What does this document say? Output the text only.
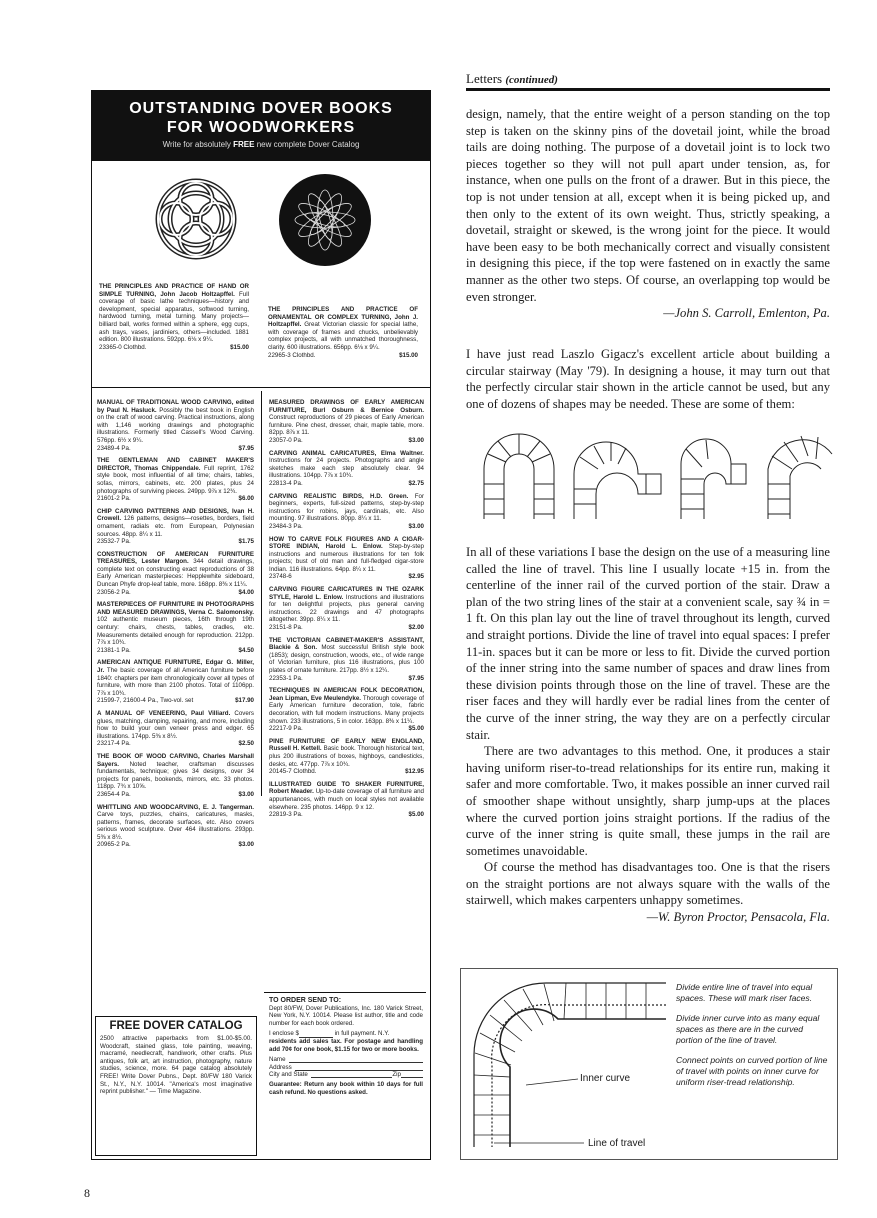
OUTSTANDING DOVER BOOKS
FOR WOODWORKERS
Write for absolutely FREE new complete Dover Catalog
THE PRINCIPLES AND PRACTICE OF HAND OR SIMPLE TURNING, John Jacob Holtzapffel. Full coverage of basic lathe techniques—history and development, special apparatus, softwood turning, hardwood turning, metal turning. Many projects—billiard ball, works formed within a sphere, egg cups, ash trays, vases, jardiniers, others—included. 1881 edition. 800 illustrations. 592pp. 6⅛ x 9¼.
23365-0 Clothbd.	$15.00
THE PRINCIPLES AND PRACTICE OF ORNAMENTAL OR COMPLEX TURNING, John J. Holtzapffel. Great Victorian classic for special lathe, with coverage of frames and chucks, unbelievably complex projects, all with unmatched thoroughness, clarity. 600 illustrations. 656pp. 6⅛ x 9¼.
22965-3 Clothbd.	$15.00
MANUAL OF TRADITIONAL WOOD CARVING, edited by Paul N. Hasluck. Possibly the best book in English on the craft of wood carving. Practical instructions, along with 1,146 working drawings and photographic illustrations. Formerly titled Cassell's Wood Carving. 576pp. 6½ x 9¼.
23489-4 Pa.	$7.95
THE GENTLEMAN AND CABINET MAKER'S DIRECTOR, Thomas Chippendale. Full reprint, 1762 style book, most influential of all time; chairs, tables, sofas, mirrors, cabinets, etc. 200 plates, plus 24 photographs of surviving pieces. 249pp. 9⅞ x 12¾.
21601-2 Pa.	$6.00
CHIP CARVING PATTERNS AND DESIGNS, Ivan H. Crowell. 126 patterns, designs—rosettes, borders, field ornament, radials etc. from European, Polynesian sources. 48pp. 8¼ x 11.
23532-7 Pa.	$1.75
CONSTRUCTION OF AMERICAN FURNITURE TREASURES, Lester Margon. 344 detail drawings, complete text on constructing exact reproductions of 38 Early American masterpieces: Hepplewhite sideboard, Duncan Phyfe drop-leaf table, more. 168pp. 8⅜ x 11¼.
23056-2 Pa.	$4.00
MASTERPIECES OF FURNITURE IN PHOTOGRAPHS AND MEASURED DRAWINGS, Verna C. Salomonsky. 102 authentic museum pieces, 16th through 19th century: chairs, chests, tables, cradles, etc. Measurements detailed enough for reproduction. 212pp. 7⅞ x 10¾.
21381-1 Pa.	$4.50
AMERICAN ANTIQUE FURNITURE, Edgar G. Miller, Jr. The basic coverage of all American furniture before 1840: chapters per item chronologically cover all types of furniture, with more than 2100 photos. Total of 1106pp. 7⅞ x 10¾.
21599-7, 21600-4 Pa., Two-vol. set	$17.90
A MANUAL OF VENEERING, Paul Villiard. Covers glues, matching, clamping, repairing, and more, including how to build your own veneer press and edger. 65 illustrations. 174pp. 5⅜ x 8½.
23217-4 Pa.	$2.50
THE BOOK OF WOOD CARVING, Charles Marshall Sayers. Noted teacher, craftsman discusses fundamentals, technique; gives 34 designs, over 34 projects for panels, bookends, mirrors, etc. 33 photos. 118pp. 7¾ x 10⅝.
23654-4 Pa.	$3.00
WHITTLING AND WOODCARVING, E. J. Tangerman. Carve toys, puzzles, chains, caricatures, masks, patterns, frames, decorate surfaces, etc. Also covers serious wood sculpture. Over 464 illustrations. 293pp. 5⅜ x 8½.
20965-2 Pa.	$3.00
MEASURED DRAWINGS OF EARLY AMERICAN FURNITURE, Burl Osburn & Bernice Osburn. Construct reproductions of 29 pieces of Early American furniture. Pine chest, dresser, chair, maple table, more. 82pp. 8⅞ x 11.
23057-0 Pa.	$3.00
CARVING ANIMAL CARICATURES, Elma Waltner. Instructions for 24 projects. Photographs and angle sketches make each step absolutely clear. 94 illustrations. 104pp. 7⅞ x 10¾.
22813-4 Pa.	$2.75
CARVING REALISTIC BIRDS, H.D. Green. For beginners, experts, full-sized patterns, step-by-step instructions for robins, jays, cardinals, etc. Also mounting. 97 illustrations. 80pp. 8¼ x 11.
23484-3 Pa.	$3.00
HOW TO CARVE FOLK FIGURES AND A CIGAR-STORE INDIAN, Harold L. Enlow. Step-by-step instructions and numerous illustrations for ten folk projects; bust of old man and full-fledged cigar-store Indian. 116 illustrations. 64pp. 8¼ x 11.
23748-6	$2.95
CARVING FIGURE CARICATURES IN THE OZARK STYLE, Harold L. Enlow. Instructions and illustrations for ten delightful projects, plus general carving instructions. 22 drawings and 47 photographs altogether. 39pp. 8¼ x 11.
23151-8 Pa.	$2.00
THE VICTORIAN CABINET-MAKER'S ASSISTANT, Blackie & Son. Most successful British style book (1853); design, construction, woods, etc., of wide range of Victorian furniture, plus 116 illustrations, plus 100 plates of ornate furniture. 217pp. 8½ x 12¼.
22353-1 Pa.	$7.95
TECHNIQUES IN AMERICAN FOLK DECORATION, Jean Lipman, Eve Meulendyke. Thorough coverage of Early American furniture decoration, tole, fabric decoration, with full modern instructions. Many projects shown. 233 illustrations, 5 in color. 163pp. 8⅜ x 11¼.
22217-9 Pa.	$5.00
PINE FURNITURE OF EARLY NEW ENGLAND, Russell H. Kettell. Basic book. Thorough historical text, plus 200 illustrations of boxes, highboys, candlesticks, desks, etc. 477pp. 7⅞ x 10¾.
20145-7 Clothbd.	$12.95
ILLUSTRATED GUIDE TO SHAKER FURNITURE, Robert Meader. Up-to-date coverage of all furniture and appurtenances, with much on local styles not available elsewhere. 235 photos. 146pp. 9 x 12.
22819-3 Pa.	$5.00
FREE DOVER CATALOG
2500 attractive paperbacks from $1.00-$5.00. Woodcraft, stained glass, tole painting, weaving, macramé, needlecraft, handiwork, other crafts. Plus antiques, folk art, art instruction, photography, nature studies, science, more. 64 page catalog absolutely FREE! Write Dover Pubns., Dept. 80/FW 180 Varick St., N.Y., N.Y. 10014. "America's most imaginative reprint publisher." — Time Magazine.
TO ORDER SEND TO:
Dept 80/FW, Dover Publications, Inc. 180 Varick Street, New York, N.Y. 10014. Please list author, title and code number for each book ordered.
I enclose $	in full payment. N.Y.
residents add sales tax. For postage and handling add 70¢ for one book, $1.15 for two or more books.
Name
Address
City and State	Zip
Guarantee: Return any book within 10 days for full cash refund. No questions asked.
Letters (continued)
design, namely, that the entire weight of a person standing on the top step is taken on the skinny pins of the dovetail joint, while the broad tails are doing nothing. The purpose of a dovetail joint is to lock two pieces together so they will not pull apart under tension, as, for instance, when one pulls on the front of a drawer. But in this piece, the top is not under tension at all, except when it is being picked up, and then only to the extent of its own weight. Thus, strictly speaking, a dovetail, straight or skewed, is the wrong joint for the piece. It would have been easy to be both mechanically correct and visually consistent in designing this piece, if the top were fastened on in exactly the same manner as the other two steps. Of course, an overlapping top would be even stronger.
—John S. Carroll, Emlenton, Pa.
I have just read Laszlo Gigacz's excellent article about building a circular stairway (May '79). In designing a house, it may turn out that the perfectly circular stair shown in the article cannot be used, but any one of dozens of shapes may be needed. These are some of them:
In all of these variations I base the design on the use of a measuring line called the line of travel. This line I usually locate +15 in. from the centerline of the inner rail of the curved portion of the stair. Draw a plan of the two string lines of the stair at a convenient scale, say ¾ in = 1 ft. On this plan lay out the line of travel throughout its length, curved and straight portions. Divide the line of travel into equal spaces: I prefer 11-in. spaces but it can be more or less to fit. Divide the curved portion of the inner string into the same number of spaces and draw lines from these division points through those on the line of travel. These are the riser faces and they will hardly ever be radial lines from the center of the curve of the inner string, the way they are on a perfectly circular stair.
There are two advantages to this method. One, it produces a stair having uniform riser-to-tread relationships for its entire run, making it safer and more comfortable. Two, it makes possible an inner curved rail of smoother shape without unsightly, sharp jump-ups at the places where the curved portion joins straight portions. If the radius of the curve of the inner string is quite small, these jumps in the rail are sometimes unavoidable.
Of course the method has disadvantages too. One is that the risers on the straight portions are not always square with the walls of the stairwell, which makes carpenters unhappy sometimes.
—W. Byron Proctor, Pensacola, Fla.
Inner curve
Line of travel

Divide entire line of travel into equal spaces. These will mark riser faces.

Divide inner curve into as many equal spaces as there are in the curved portion of the line of travel.

Connect points on curved portion of line of travel with points on inner curve for uniform riser-tread relationship.

8
